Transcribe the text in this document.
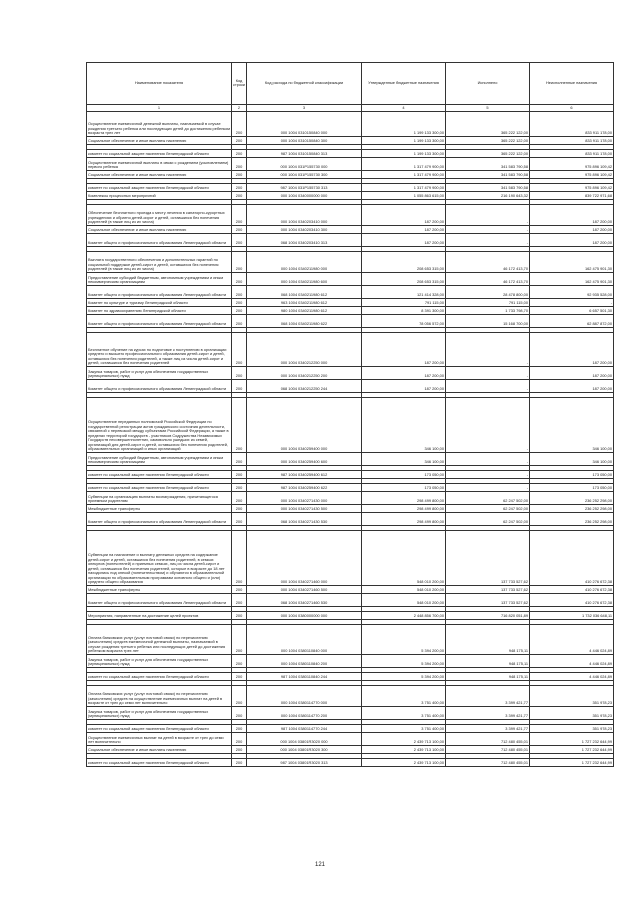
Наименование показателя	Код строки	Код расхода по бюджетной классификации	Утвержденные бюджетные назначения	Исполнено	Неисполненные назначения
1	2	3	4	5	6
Осуществление ежемесячной денежной выплаты, назначаемой в случае рождения третьего ребенка или последующих детей до достижения ребенком возраста трех лет	200	000 1004 0310150840 000	1 199 133 300,00	365 222 122,00	833 911 178,00
Социальное обеспечение и иные выплаты населению	200	000 1004 0310150840 300	1 199 133 300,00	365 222 122,00	833 911 178,00

комитет по социальной защите населения Ленинградской области	200	987 1004 0310150840 313	1 199 133 300,00	365 222 122,00	833 911 178,00
Осуществление ежемесячной выплаты в связи с рождением (усыновлением) первого ребенка	200	000 1004 031Р155730 000	1 317 479 900,00	341 583 790,58	975 896 109,42
Социальное обеспечение и иные выплаты населению	200	000 1004 031Р155730 300	1 317 479 900,00	341 583 790,58	975 896 109,42

комитет по социальной защите населения Ленинградской области	200	987 1004 031Р155730 313	1 317 479 900,00	341 583 790,58	975 896 109,42
Комплексы процессных мероприятий	200	000 1004 0340000000 000	1 055 863 615,00	216 190 643,32	839 722 971,68

Обеспечение бесплатного проезда к месту лечения в санаторно-курортных учреждениях и обратно детей-сирот и детей, оставшихся без попечения родителей (в также лиц из их числа)	200	000 1004 0340203410 000	187 200,00	-	187 200,00
Социальное обеспечение и иные выплаты населению	200	000 1004 0340203410 300	187 200,00	-	187 200,00
Комитет общего и профессионального образования Ленинградской области	200	068 1004 0340203410 313	187 200,00	-	187 200,00

Выплата государственного обеспечения и дополнительных гарантий по социальной поддержке детей-сирот и детей, оставшихся без попечения родителей (в также лиц из их числа)	200	000 1004 0340211980 000	208 653 315,00	46 172 413,70	162 475 901,30
Предоставление субсидий бюджетным, автономным учреждениям и иным некоммерческим организациям	200	000 1004 0340211980 600	208 653 315,00	46 172 413,70	162 475 901,30
Комитет общего и профессионального образования Ленинградской области	200	068 1004 0340211980 612	121 414 328,00	28 478 800,00	92 935 528,00
Комитет по культуре и туризму Ленинградской области	200	963 1004 0340211980 612	791 115,00	791 115,00	-
Комитет по здравоохранению Ленинградской области	200	980 1004 0340211980 612	8 391 300,00	1 733 798,70	6 657 501,30
Комитет общего и профессионального образования Ленинградской области	200	068 1004 0340211980 622	78 056 572,00	15 168 700,00	62 887 872,00

Бесплатное обучение на курсах по подготовке к поступлению в организации среднего и высшего профессионального образования детей-сирот и детей, оставшихся без попечения родителей, а также лиц из числа детей-сирот и детей, оставшихся без попечения родителей	200	000 1004 0340212250 000	187 200,00	-	187 200,00
Закупка товаров, работ и услуг для обеспечения государственных (муниципальных) нужд	200	000 1004 0340212250 200	187 200,00	-	187 200,00
Комитет общего и профессионального образования Ленинградской области	200	068 1004 0340212250 244	187 200,00	-	187 200,00

Осуществление переданных полномочий Российской Федерации по государственной регистрации актов гражданского состояния деятельности, связанной с перевозкой между субъектами Российской Федерации, а также в пределах территорий государств - участников Содружества Независимых Государств несовершеннолетних, самовольно ушедших из семей, организаций для детей-сирот и детей, оставшихся без попечения родителей, образовательных организаций и иных организаций	200	000 1004 0340259400 000	346 100,00	-	346 100,00
Предоставление субсидий бюджетным, автономным учреждениям и иным некоммерческим организациям	200	000 1004 0340259400 600	346 100,00	-	346 100,00

комитет по социальной защите населения Ленинградской области	200	987 1004 0340259400 612	173 050,00	-	173 050,00

комитет по социальной защите населения Ленинградской области	200	987 1004 0340259400 622	173 050,00	-	173 050,00
Субвенции на организацию выплаты вознаграждения, причитающегося приемным родителям	200	000 1004 0340271430 000	298 499 800,00	62 247 502,00	236 252 298,00
Межбюджетные трансферты	200	000 1004 0340271430 500	298 499 800,00	62 247 502,00	236 252 298,00
Комитет общего и профессионального образования Ленинградской области	200	068 1004 0340271430 530	298 499 800,00	62 247 502,00	236 252 298,00

Субвенции на назначение и выплату денежных средств на содержание детей-сирот и детей, оставшихся без попечения родителей, в семьях опекунов (попечителей) и приемных семьях, лиц из числа детей-сирот и детей, оставшихся без попечения родителей, которые в возрасте до 18 лет находились под опекой (попечительством) и обучаются в образовательной организации по образовательным программам основного общего и (или) среднего общего образования	200	000 1004 0340271460 000	548 010 200,00	137 733 527,62	410 276 672,38
Межбюджетные трансферты	200	000 1004 0340271460 500	548 010 200,00	137 733 527,62	410 276 672,38
Комитет общего и профессионального образования Ленинградской области	200	068 1004 0340271460 530	548 010 200,00	137 733 527,62	410 276 672,38

Мероприятия, направленные на достижение целей проектов	200	000 1004 0380000000 000	2 448 856 700,00	716 820 051,89	1 732 036 648,11

Оплата банковских услуг (услуг почтовой связи) по перечислению (зачислению) средств ежемесячной денежной выплаты, назначаемой в случае рождения третьего ребенка или последующих детей до достижения ребенком возраста трех лет	200	000 1004 0380110840 000	5 394 200,00	948 175,11	4 446 024,89
Закупка товаров, работ и услуг для обеспечения государственных (муниципальных) нужд	200	000 1004 0380110840 200	5 394 200,00	948 175,11	4 446 024,89

комитет по социальной защите населения Ленинградской области	200	987 1004 0380110840 244	5 394 200,00	948 175,11	4 446 024,89

Оплата банковских услуг (услуг почтовой связи) по перечислению (зачислению) средств на осуществление ежемесячных выплат на детей в возрасте от трех до семи лет включительно	200	000 1004 0380114770 000	3 751 400,00	3 399 421,77	351 978,23
Закупка товаров, работ и услуг для обеспечения государственных (муниципальных) нужд	200	000 1004 0380114770 200	3 751 400,00	3 399 421,77	351 978,23

комитет по социальной защите населения Ленинградской области	200	987 1004 0380114770 244	3 751 400,00	3 399 421,77	351 978,23
Осуществление ежемесячных выплат на детей в возрасте от трех до семи лет включительно	200	000 1004 03801R3020 000	2 439 713 100,00	712 480 455,01	1 727 232 644,99
Социальное обеспечение и иные выплаты населению	200	000 1004 03801R3020 300	2 439 713 100,00	712 480 455,01	1 727 232 644,99

комитет по социальной защите населения Ленинградской области	200	987 1004 03801R3020 313	2 439 713 100,00	712 480 455,01	1 727 232 644,99
121
